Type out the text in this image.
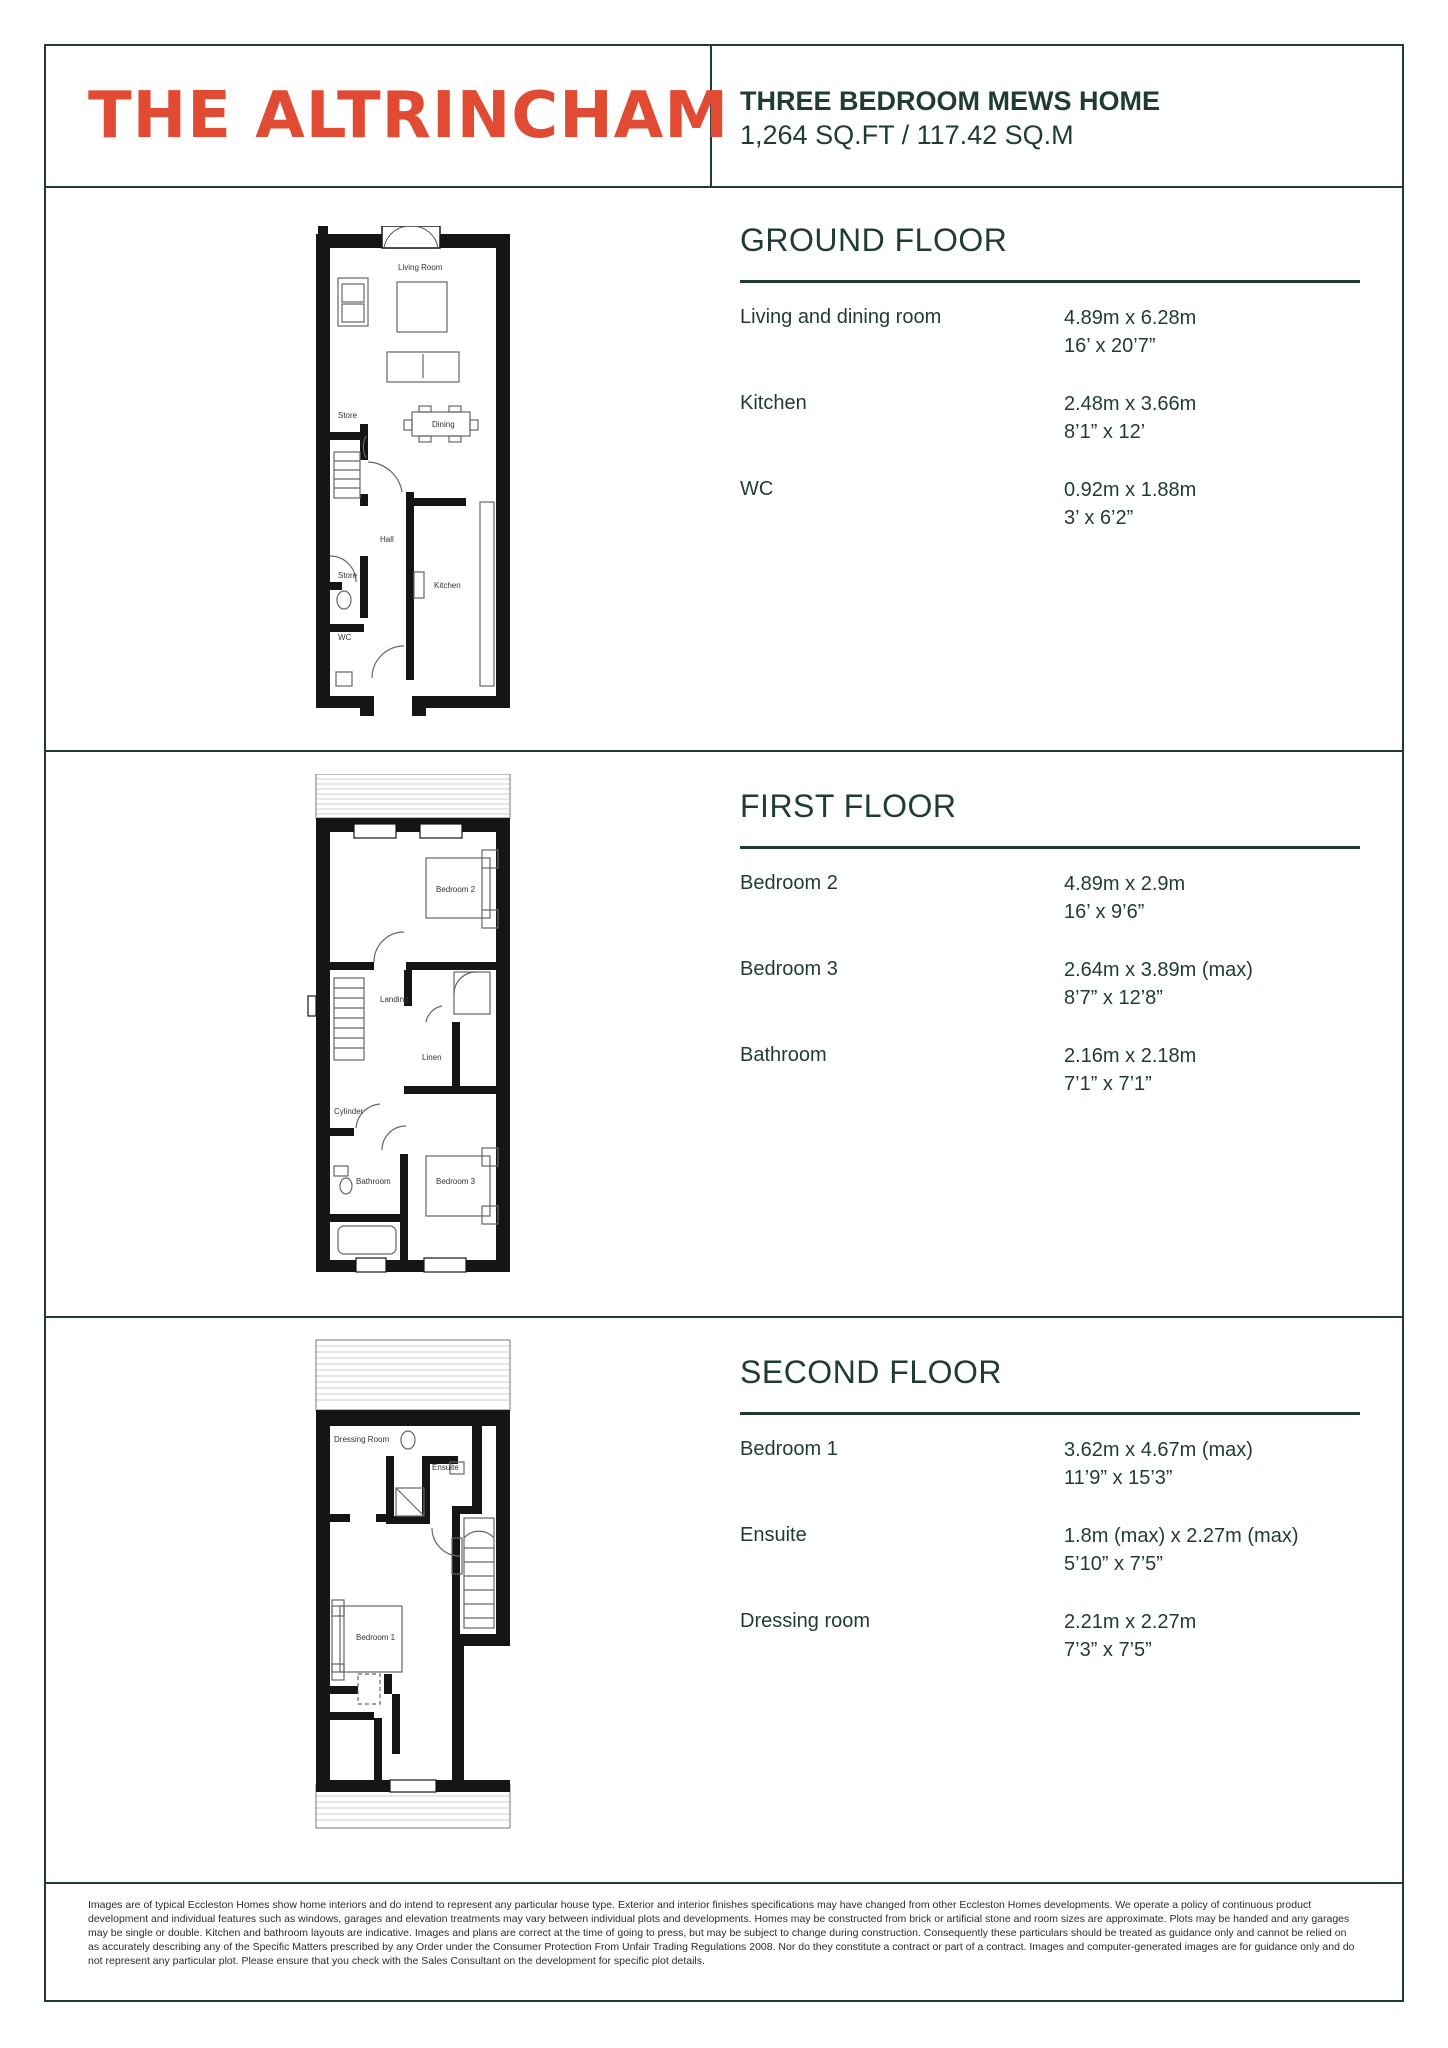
THE ALTRINCHAM THREE BEDROOM MEWS HOME
1,264 SQ.FT / 117.42 SQ.M
Living Room
Store
Dining
Hall
Store
Kitchen
WC
GROUND FLOOR
Living and dining room	4.89m x 6.28m
16’ x 20’7”
Kitchen	2.48m x 3.66m
8’1” x 12’
WC	0.92m x 1.88m
3’ x 6’2”
Bedroom 2
Landing
Linen
Cylinder
Bathroom	Bedroom 3
FIRST FLOOR
Bedroom 2	4.89m x 2.9m
16’ x 9’6”
Bedroom 3	2.64m x 3.89m (max)
8’7” x 12’8”
Bathroom	2.16m x 2.18m
7’1” x 7’1”
Dressing Room
Ensuite
Bedroom 1
SECOND FLOOR
Bedroom 1	3.62m x 4.67m (max)
11’9” x 15’3”
Ensuite	1.8m (max) x 2.27m (max)
5’10” x 7’5”
Dressing room	2.21m x 2.27m
7’3” x 7’5”
Images are of typical Eccleston Homes show home interiors and do intend to represent any particular house type. Exterior and interior finishes specifications may have changed from other Eccleston Homes developments. We operate a policy of continuous product development and individual features such as windows, garages and elevation treatments may vary between individual plots and developments. Homes may be constructed from brick or artificial stone and room sizes are approximate. Plots may be handed and any garages may be single or double. Kitchen and bathroom layouts are indicative. Images and plans are correct at the time of going to press, but may be subject to change during construction. Consequently these particulars should be treated as guidance only and cannot be relied on as accurately describing any of the Specific Matters prescribed by any Order under the Consumer Protection From Unfair Trading Regulations 2008. Nor do they constitute a contract or part of a contract. Images and computer-generated images are for guidance only and do not represent any particular plot. Please ensure that you check with the Sales Consultant on the development for specific plot details.
